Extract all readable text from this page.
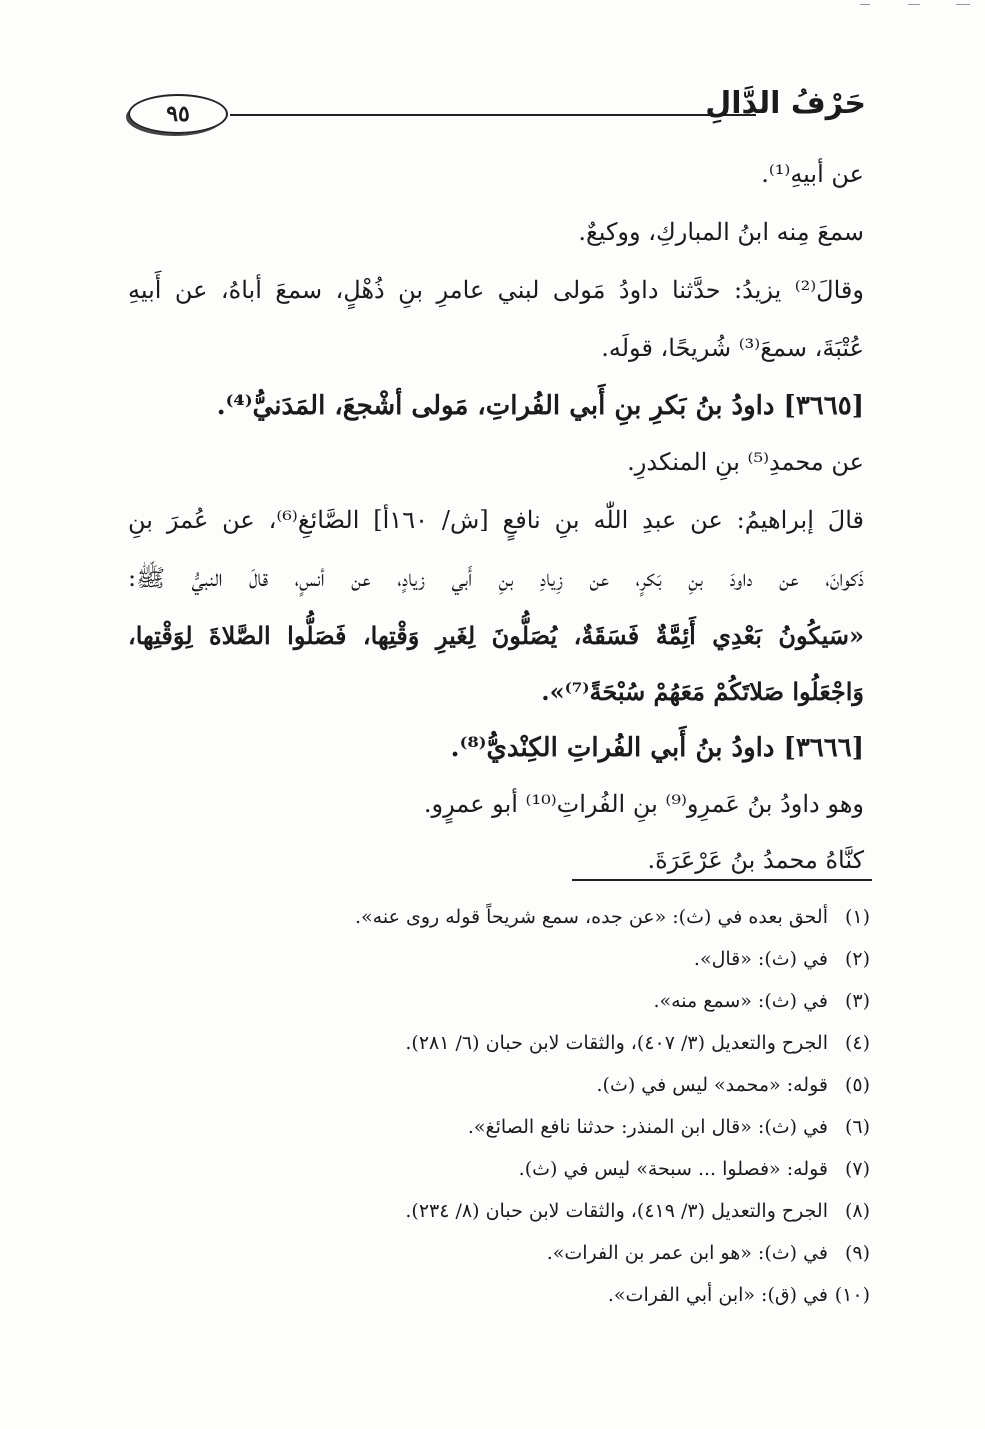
٩٥	حَرْفُ الدَّالِ
عن أبيهِ⁽¹⁾.
سمعَ مِنه ابنُ المباركِ، ووكيعٌ.
وقالَ⁽²⁾ يزيدُ: حدَّثنا داودُ مَولى لبني عامرِ بنِ ذُهْلٍ، سمعَ أباهُ، عن أَبيهِ
عُتْبَةَ، سمعَ⁽³⁾ شُريحًا، قولَه.
[٣٦٦٥] داودُ بنُ بَكرِ بنِ أَبي الفُراتِ، مَولى أشْجعَ، المَدَنيُّ⁽⁴⁾.
عن محمدِ⁽⁵⁾ بنِ المنكدرِ.
قالَ إبراهيمُ: عن عبدِ اللّٰه بنِ نافعٍ [ش/ ١٦٠أ] الصَّائغِ⁽⁶⁾، عن عُمرَ بنِ
ذَكوانَ، عن داودَ بنِ بَكرٍ، عن زِيادِ بنِ أَبي زيادٍ، عن أنسٍ، قالَ النبيُّ ﷺ:
«سَيكُونُ بَعْدِي أَئِمَّةٌ فَسَقَةٌ، يُصَلُّونَ لِغَيرِ وَقْتِها، فَصَلُّوا الصَّلاةَ لِوَقْتِها،
وَاجْعَلُوا صَلاتَكُمْ مَعَهُمْ سُبْحَةً⁽⁷⁾».
[٣٦٦٦] داودُ بنُ أَبي الفُراتِ الكِنْديُّ⁽⁸⁾.
وهو داودُ بنُ عَمرِو⁽⁹⁾ بنِ الفُراتِ⁽¹⁰⁾ أبو عمرٍو.
كنَّاهُ محمدُ بنُ عَرْعَرَةَ.
(١)ألحق بعده في (ث): «عن جده، سمع شريحاً قوله روى عنه».
(٢)في (ث): «قال».
(٣)في (ث): «سمع منه».
(٤)الجرح والتعديل (٣/ ٤٠٧)، والثقات لابن حبان (٦/ ٢٨١).
(٥)قوله: «محمد» ليس في (ث).
(٦)في (ث): «قال ابن المنذر: حدثنا نافع الصائغ».
(٧)قوله: «فصلوا ... سبحة» ليس في (ث).
(٨)الجرح والتعديل (٣/ ٤١٩)، والثقات لابن حبان (٨/ ٢٣٤).
(٩)في (ث): «هو ابن عمر بن الفرات».
(١٠)في (ق): «ابن أبي الفرات».
